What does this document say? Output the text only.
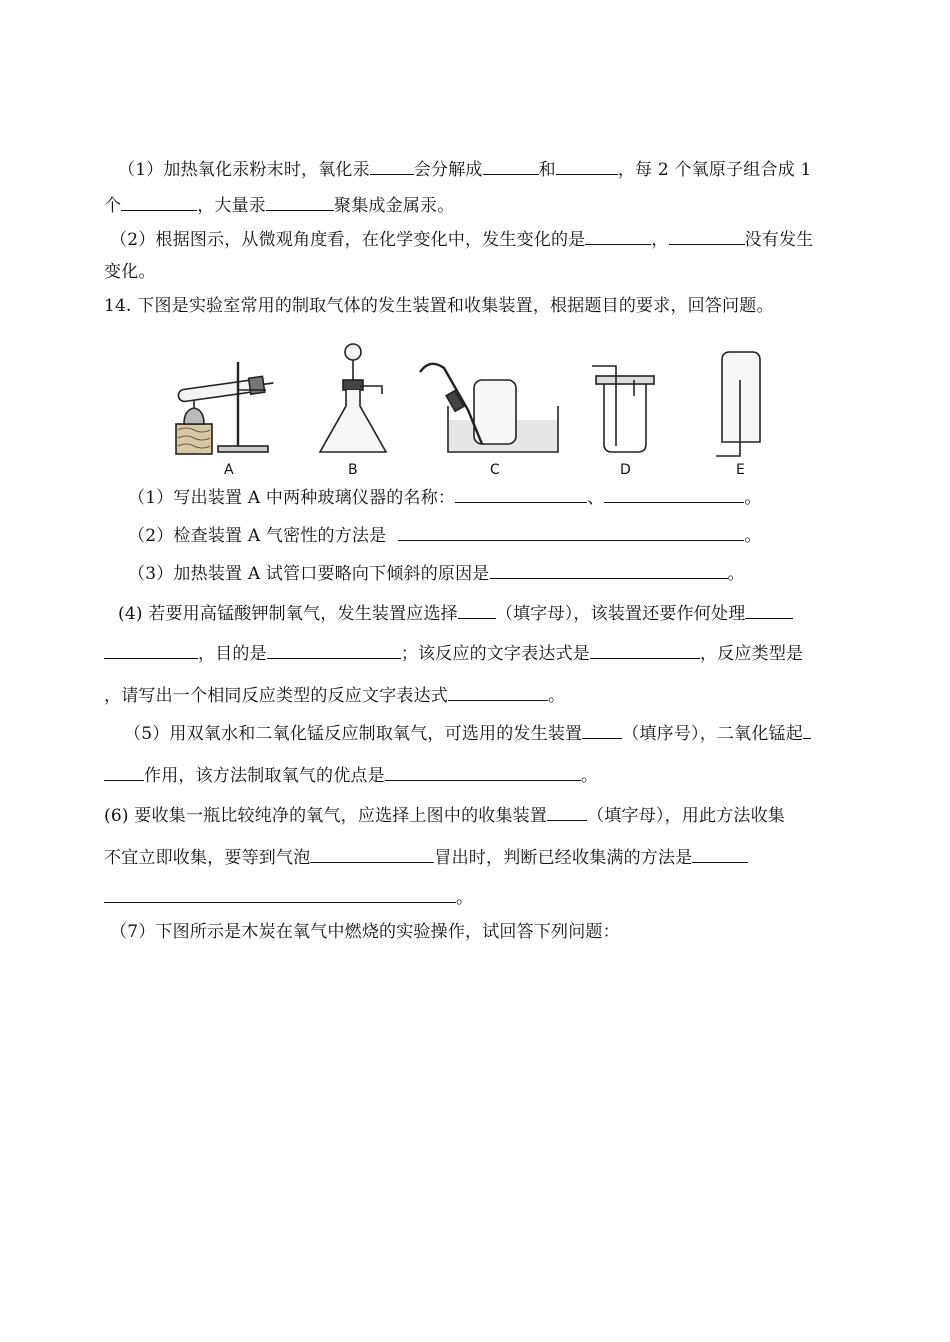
（1）加热氧化汞粉末时，氧化汞	会分解成	和	，每 2 个氧原子组合成 1
个	，大量汞	聚集成金属汞。
（2）根据图示，从微观角度看，在化学变化中，发生变化的是	，	没有发生
变化。
14. 下图是实验室常用的制取气体的发生装置和收集装置，根据题目的要求，回答问题。
A	B	C	D	E
（1）写出装置 A 中两种玻璃仪器的名称：	、	。
（2）检查装置 A 气密性的方法是	。
（3）加热装置 A 试管口要略向下倾斜的原因是	。
(4) 若要用高锰酸钾制氧气，发生装置应选择 （填字母），该装置还要作何处理
，目的是	；该反应的文字表达式是	，反应类型是
，请写出一个相同反应类型的反应文字表达式	。
（5）用双氧水和二氧化锰反应制取氧气，可选用的发生装置 （填序号），二氧化锰起
作用，该方法制取氧气的优点是	。
(6) 要收集一瓶比较纯净的氧气，应选择上图中的收集装置 （填字母），用此方法收集
不宜立即收集，要等到气泡	冒出时，判断已经收集满的方法是
。
（7）下图所示是木炭在氧气中燃烧的实验操作，试回答下列问题：
